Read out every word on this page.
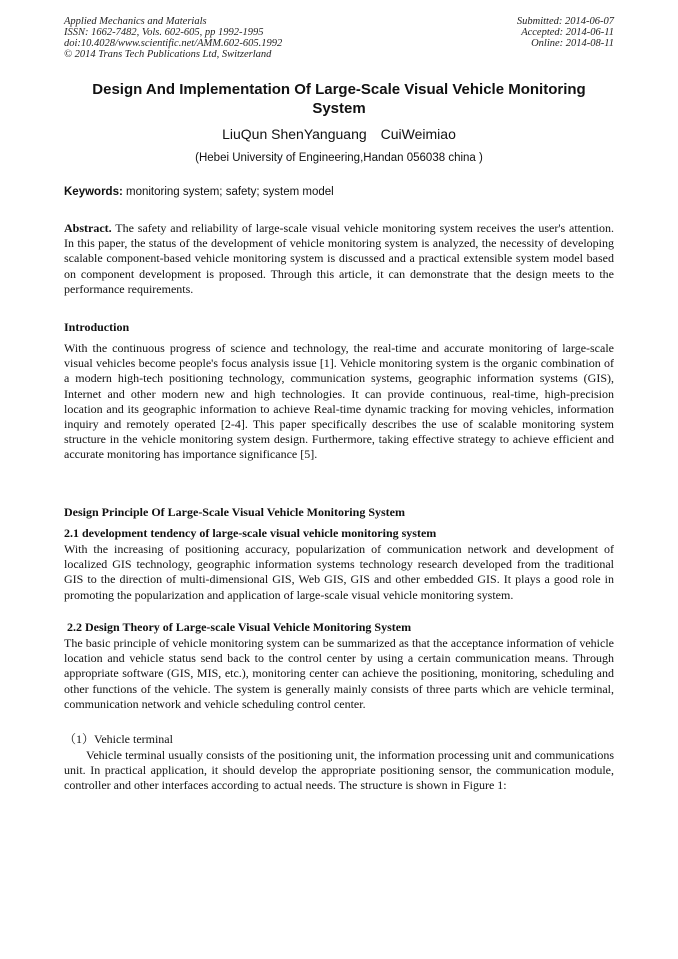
Applied Mechanics and Materials
ISSN: 1662-7482, Vols. 602-605, pp 1992-1995
doi:10.4028/www.scientific.net/AMM.602-605.1992
© 2014 Trans Tech Publications Ltd, Switzerland
Submitted: 2014-06-07
Accepted: 2014-06-11
Online: 2014-08-11
Design And Implementation Of Large-Scale Visual Vehicle Monitoring System
LiuQun ShenYanguang CuiWeimiao
(Hebei University of Engineering,Handan 056038 china )
Keywords: monitoring system; safety; system model

Abstract. The safety and reliability of large-scale visual vehicle monitoring system receives the user's attention. In this paper, the status of the development of vehicle monitoring system is analyzed, the necessity of developing scalable component-based vehicle monitoring system is discussed and a practical extensible system model based on component development is proposed. Through this article, it can demonstrate that the design meets to the performance requirements.

Introduction
With the continuous progress of science and technology, the real-time and accurate monitoring of large-scale visual vehicles become people's focus analysis issue [1]. Vehicle monitoring system is the organic combination of a modern high-tech positioning technology, communication systems, geographic information systems (GIS), Internet and other modern new and high technologies. It can provide continuous, real-time, high-precision location and its geographic information to achieve Real-time dynamic tracking for moving vehicles, information inquiry and remotely operated [2-4]. This paper specifically describes the use of scalable monitoring system structure in the vehicle monitoring system design. Furthermore, taking effective strategy to achieve efficient and accurate monitoring has importance significance [5].
Design Principle Of Large-Scale Visual Vehicle Monitoring System
2.1 development tendency of large-scale visual vehicle monitoring system
With the increasing of positioning accuracy, popularization of communication network and development of localized GIS technology, geographic information systems technology research developed from the traditional GIS to the direction of multi-dimensional GIS, Web GIS, GIS and other embedded GIS. It plays a good role in promoting the popularization and application of large-scale visual vehicle monitoring system.
2.2 Design Theory of Large-scale Visual Vehicle Monitoring System
The basic principle of vehicle monitoring system can be summarized as that the acceptance information of vehicle location and vehicle status send back to the control center by using a certain communication means. Through appropriate software (GIS, MIS, etc.), monitoring center can achieve the positioning, monitoring, scheduling and other functions of the vehicle. The system is generally mainly consists of three parts which are vehicle terminal, communication network and vehicle scheduling control center.
（1）Vehicle terminal
Vehicle terminal usually consists of the positioning unit, the information processing unit and communications unit. In practical application, it should develop the appropriate positioning sensor, the communication module, controller and other interfaces according to actual needs. The structure is shown in Figure 1:
